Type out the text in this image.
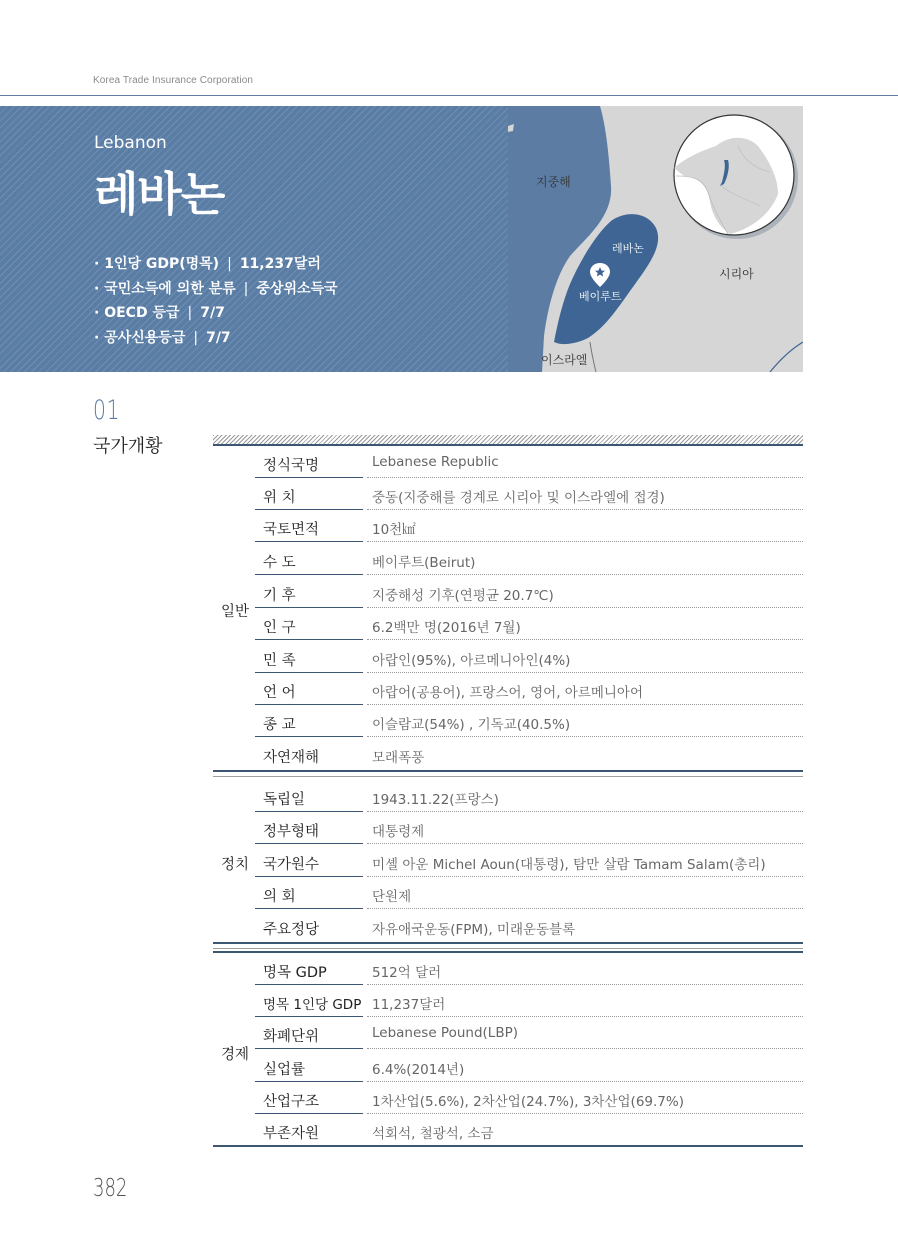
Korea Trade Insurance Corporation
Lebanon
레바논
· 1인당 GDP(명목) | 11,237달러
· 국민소득에 의한 분류 | 중상위소득국
· OECD 등급 | 7/7
· 공사신용등급 | 7/7
지중해
레바논
시리아
베이루트
이스라엘
01
국가개황
일반
정식국명	Lebanese Republic
위 치	중동(지중해를 경계로 시리아 및 이스라엘에 접경)
국토면적	10천㎢
수 도	베이루트(Beirut)
기 후	지중해성 기후(연평균 20.7℃)
인 구	6.2백만 명(2016년 7월)
민 족	아랍인(95%), 아르메니아인(4%)
언 어	아랍어(공용어), 프랑스어, 영어, 아르메니아어
종 교	이슬람교(54%) , 기독교(40.5%)
자연재해	모래폭풍
정치
독립일	1943.11.22(프랑스)
정부형태	대통령제
국가원수	미셸 아운 Michel Aoun(대통령), 탐만 살람 Tamam Salam(총리)
의 회	단원제
주요정당	자유애국운동(FPM), 미래운동블록
경제
명목 GDP	512억 달러
명목 1인당 GDP 11,237달러
화폐단위	Lebanese Pound(LBP)
실업률	6.4%(2014년)
산업구조	1차산업(5.6%), 2차산업(24.7%), 3차산업(69.7%)
부존자원	석회석, 철광석, 소금
382
